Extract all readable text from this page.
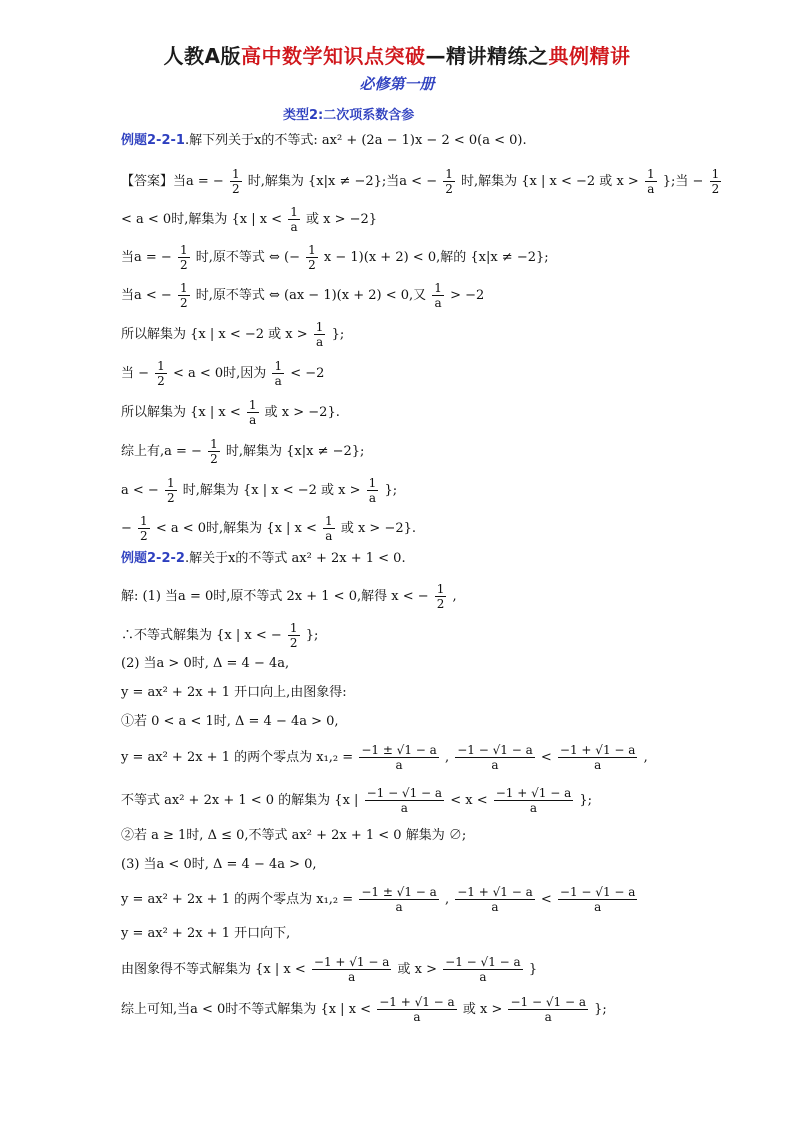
人教A版高中数学知识点突破—精讲精练之典例精讲
必修第一册
类型2:二次项系数含参
例题2-2-1.解下列关于x的不等式: ax² + (2a − 1)x − 2 < 0(a < 0).
【答案】当a = − $\frac{1}{2}$ 时,解集为 {x|x ≠ −2};当a < − $\frac{1}{2}$ 时,解集为 {x | x < −2 或 $x > \frac{1}{a}$ };当 − $\frac{1}{2}$
< a < 0时,解集为 {x | $x < \frac{1}{a}$ 或 x > −2}
当a = − $\frac{1}{2}$ 时,原不等式 ⇔ (− $\frac{1}{2}$ x − 1)(x + 2) < 0,解的 {x|x ≠ −2};
当a < − $\frac{1}{2}$ 时,原不等式 ⇔ (ax − 1)(x + 2) < 0,又 $\frac{1}{a} > -2$
所以解集为 {x | x < −2 或 $x > \frac{1}{a}$ };
当 − $\frac{1}{2} < a < 0$时,因为 $\frac{1}{a} < -2$
所以解集为 {x | $x < \frac{1}{a}$ 或 x > −2}.
综上有,a = − $\frac{1}{2}$ 时,解集为 {x|x ≠ −2};
a < − $\frac{1}{2}$ 时,解集为 {x | x < −2 或 $x > \frac{1}{a}$ };
− $\frac{1}{2} < a < 0$时,解集为 {x | $x < \frac{1}{a}$ 或 x > −2}.
例题2-2-2.解关于x的不等式 ax² + 2x + 1 < 0.
解: (1) 当a = 0时,原不等式 2x + 1 < 0,解得 x < − $\frac{1}{2}$ ,
∴不等式解集为 {x | x < − $\frac{1}{2}$ };
(2) 当a > 0时, Δ = 4 − 4a,
y = ax² + 2x + 1 开口向上,由图象得:
①若 0 < a < 1时, Δ = 4 − 4a > 0,
y = ax² + 2x + 1 的两个零点为 $x_1,_2 = \frac{-1 \pm √1 - a}{a}$ , $\frac{-1 - √1 - a}{a} < \frac{-1 + √1 - a}{a}$ ,
不等式 ax² + 2x + 1 < 0 的解集为 {x | $\frac{-1 - √1 - a}{a} < x < \frac{-1 + √1 - a}{a}$ };
②若 a ≥ 1时, Δ ≤ 0,不等式 ax² + 2x + 1 < 0 解集为 ∅;
(3) 当a < 0时, Δ = 4 − 4a > 0,
y = ax² + 2x + 1 的两个零点为 $x_1,_2 = \frac{-1 \pm √1 - a}{a}$ , $\frac{-1 + √1 - a}{a} < \frac{-1 - √1 - a}{a}$
y = ax² + 2x + 1 开口向下,
由图象得不等式解集为 {x | $x < \frac{-1 + √1 - a}{a}$ 或 $x > \frac{-1 - √1 - a}{a}$ }
综上可知,当a < 0时不等式解集为 {x | $x < \frac{-1 + √1 - a}{a}$ 或 $x > \frac{-1 - √1 - a}{a}$ };
